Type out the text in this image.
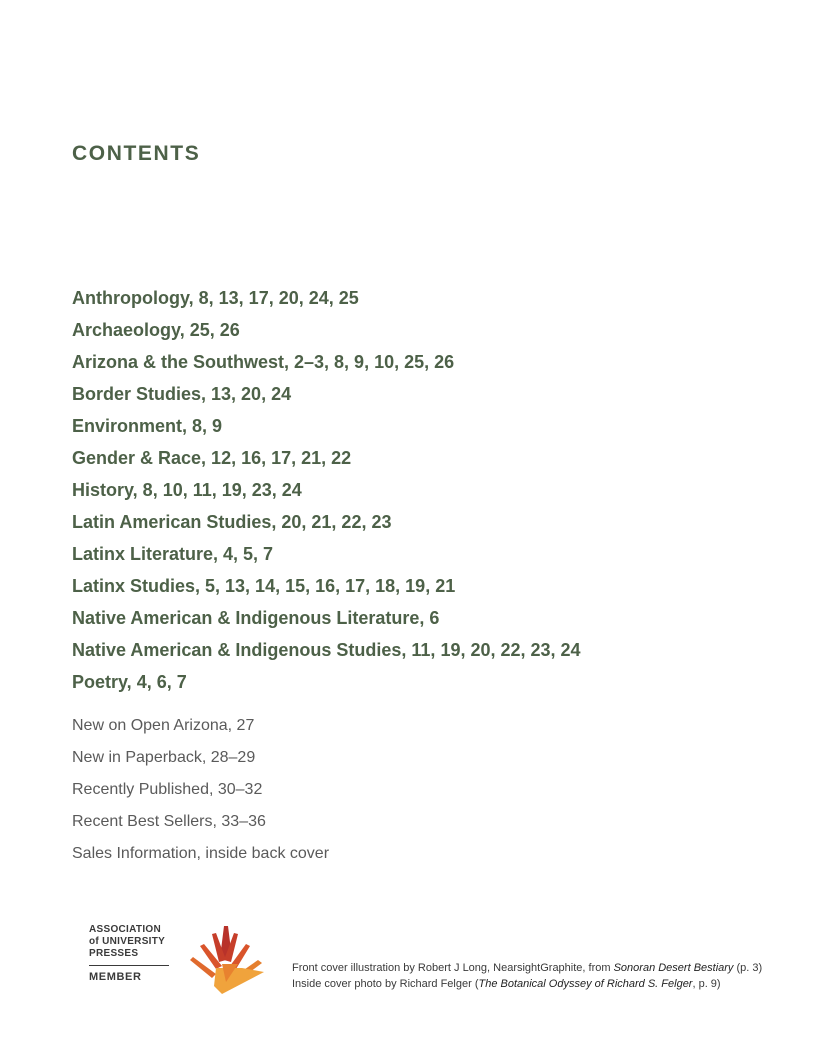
CONTENTS
Anthropology, 8, 13, 17, 20, 24, 25
Archaeology, 25, 26
Arizona & the Southwest, 2–3, 8, 9, 10, 25, 26
Border Studies, 13, 20, 24
Environment, 8, 9
Gender & Race, 12, 16, 17, 21, 22
History, 8, 10, 11, 19, 23, 24
Latin American Studies, 20, 21, 22, 23
Latinx Literature, 4, 5, 7
Latinx Studies, 5, 13, 14, 15, 16, 17, 18, 19, 21
Native American & Indigenous Literature, 6
Native American & Indigenous Studies, 11, 19, 20, 22, 23, 24
Poetry, 4, 6, 7
New on Open Arizona, 27
New in Paperback, 28–29
Recently Published, 30–32
Recent Best Sellers, 33–36
Sales Information, inside back cover
ASSOCIATION
of UNIVERSITY
PRESSES
MEMBER
Front cover illustration by Robert J Long, NearsightGraphite, from Sonoran Desert Bestiary (p. 3)
Inside cover photo by Richard Felger (The Botanical Odyssey of Richard S. Felger, p. 9)
